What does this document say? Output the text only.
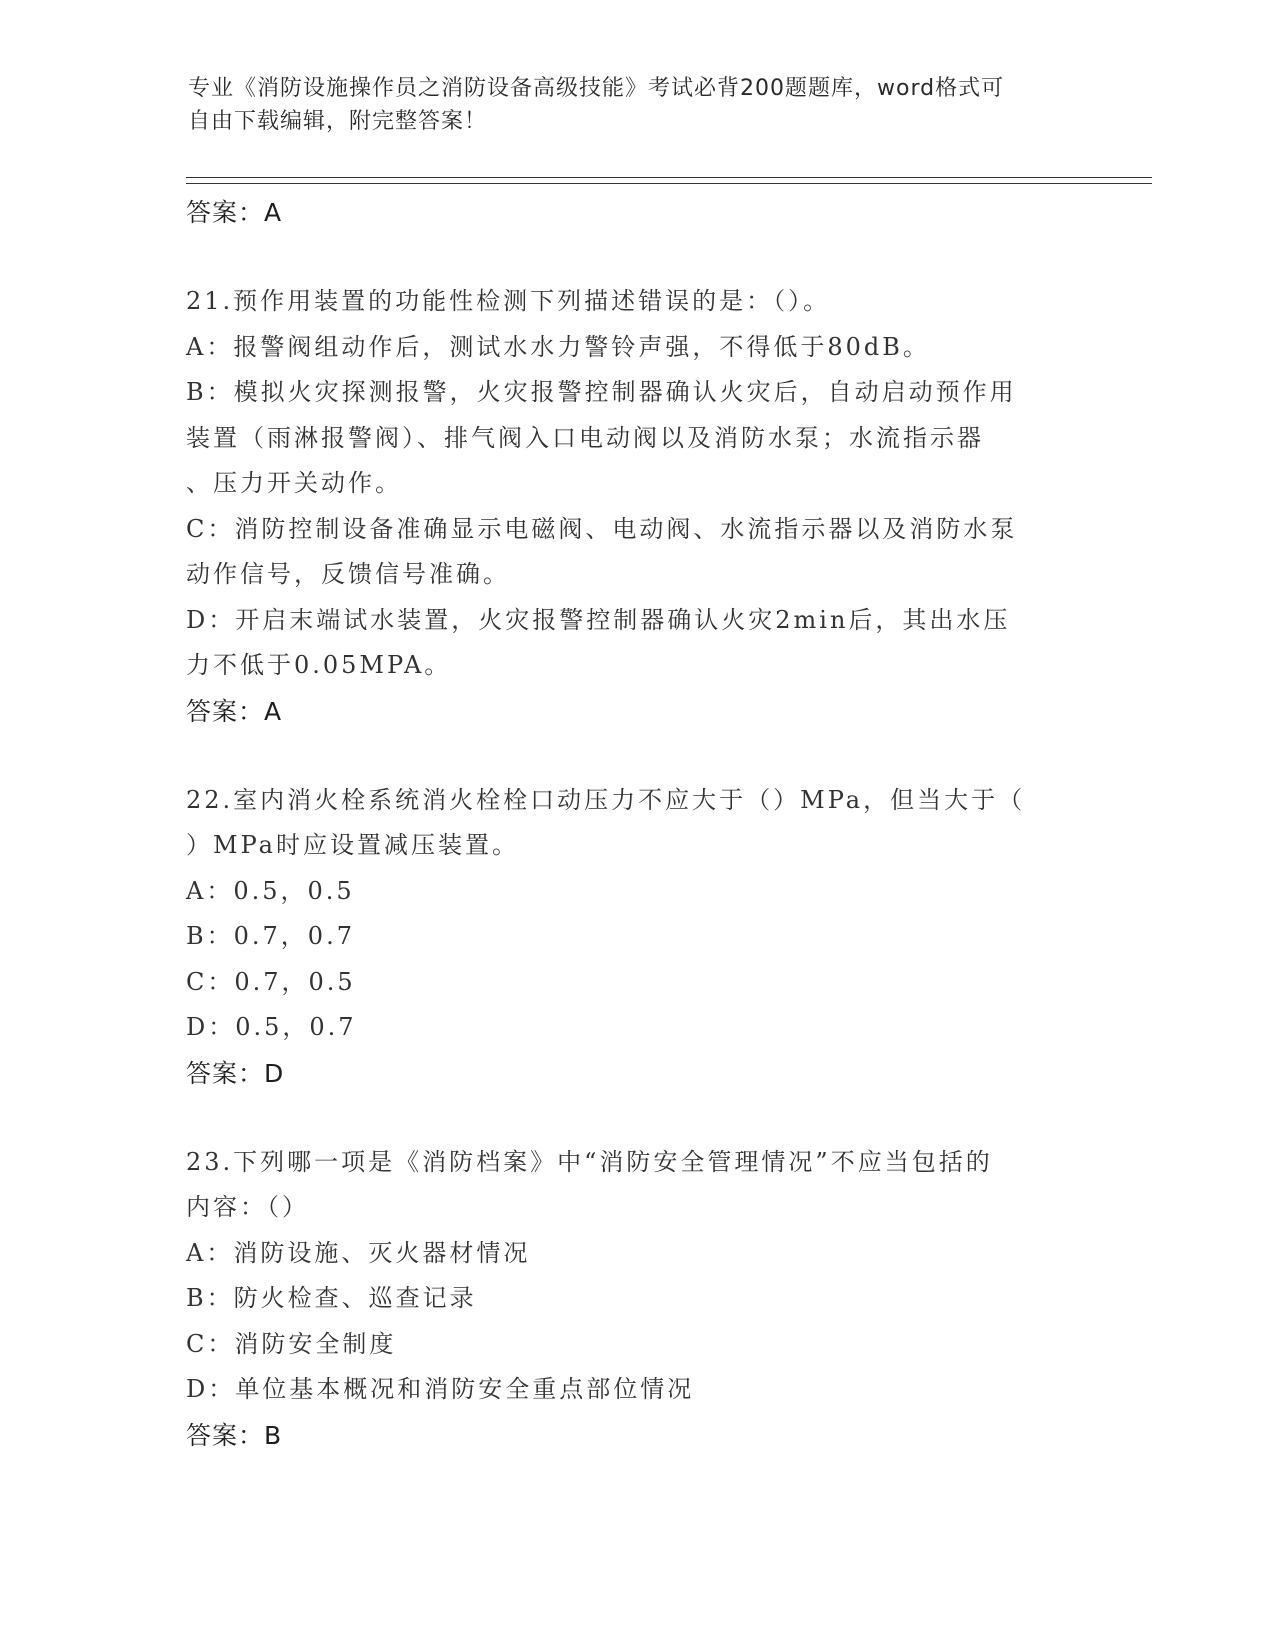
专业《消防设施操作员之消防设备高级技能》考试必背200题题库，word格式可
自由下载编辑，附完整答案！
答案：A
21.预作用装置的功能性检测下列描述错误的是：（）。
A：报警阀组动作后，测试水水力警铃声强，不得低于80dB。
B：模拟火灾探测报警，火灾报警控制器确认火灾后，自动启动预作用
装置（雨淋报警阀）、排气阀入口电动阀以及消防水泵；水流指示器
、压力开关动作。
C：消防控制设备准确显示电磁阀、电动阀、水流指示器以及消防水泵
动作信号，反馈信号准确。
D：开启末端试水装置，火灾报警控制器确认火灾2min后，其出水压
力不低于0.05MPA。
答案：A
22.室内消火栓系统消火栓栓口动压力不应大于（）MPa，但当大于（
）MPa时应设置减压装置。
A：0.5，0.5
B：0.7，0.7
C：0.7，0.5
D：0.5，0.7
答案：D
23.下列哪一项是《消防档案》中“消防安全管理情况”不应当包括的
内容：（）
A：消防设施、灭火器材情况
B：防火检查、巡查记录
C：消防安全制度
D：单位基本概况和消防安全重点部位情况
答案：B
